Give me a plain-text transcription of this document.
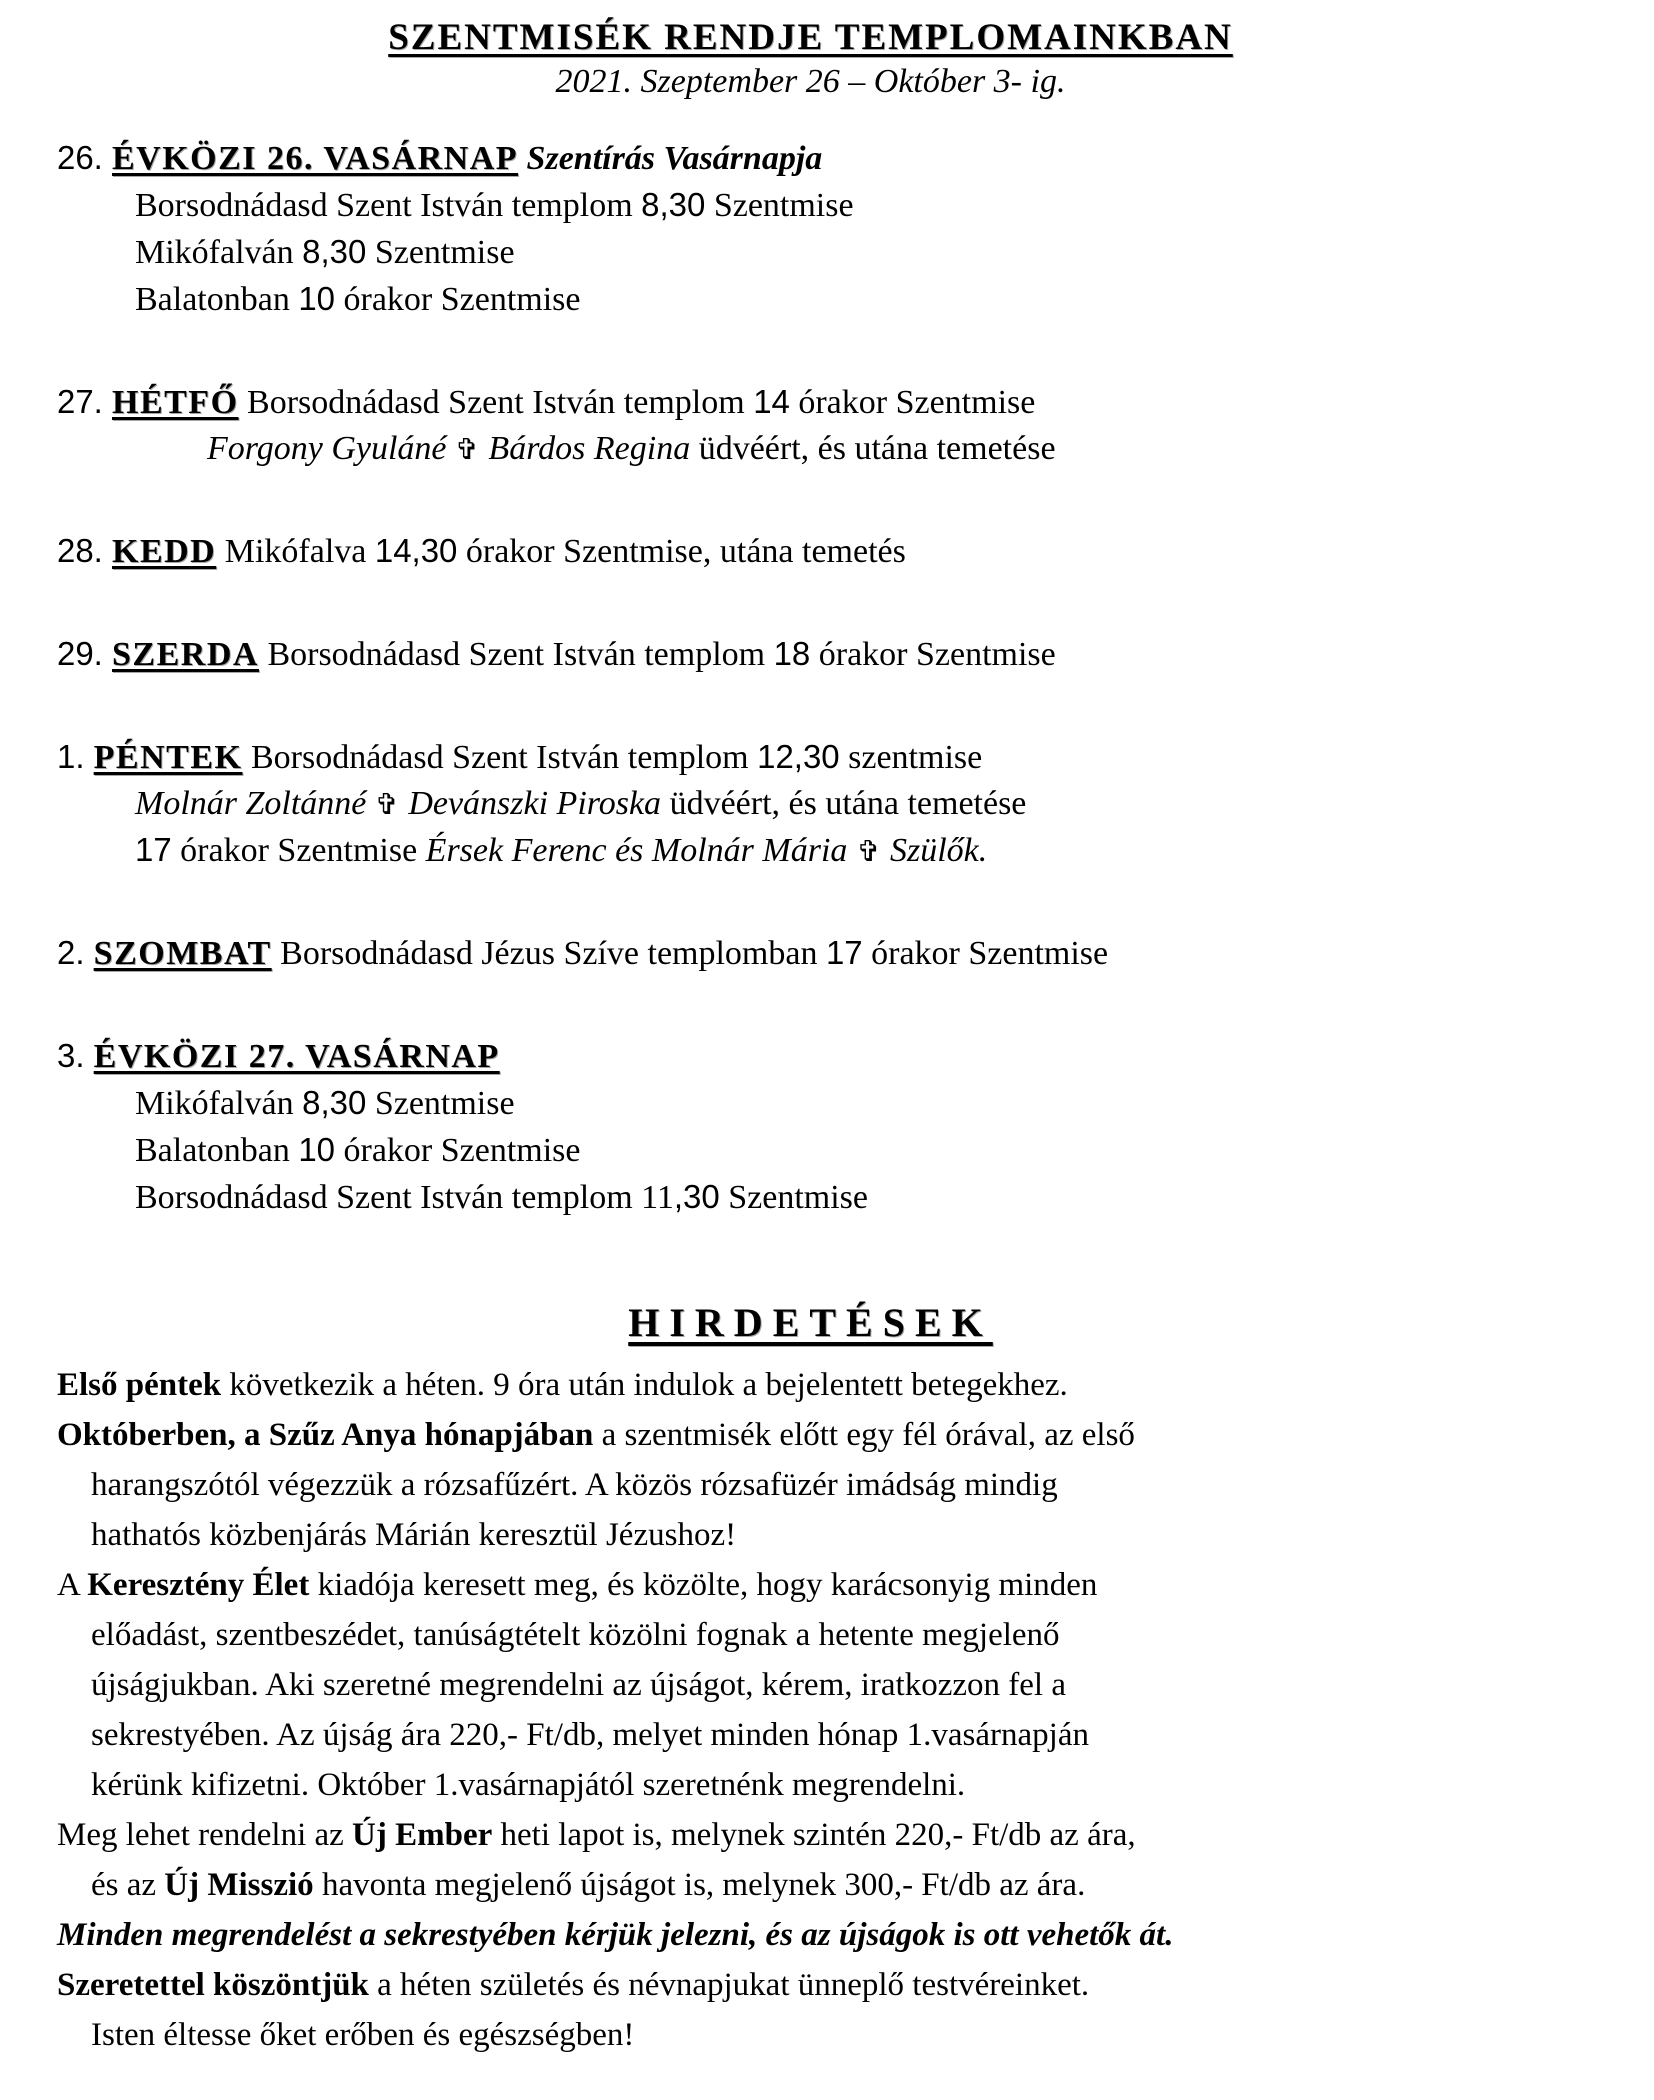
SZENTMISÉK RENDJE TEMPLOMAINKBAN
2021. Szeptember 26 – Október 3- ig.
26. ÉVKÖZI 26. VASÁRNAP Szentírás Vasárnapja
Borsodnádasd Szent István templom 8,30 Szentmise
Mikófalván 8,30 Szentmise
Balatonban 10 órakor Szentmise
27. HÉTFŐ Borsodnádasd Szent István templom 14 órakor Szentmise
Forgony Gyuláné ✞ Bárdos Regina üdvéért, és utána temetése
28. KEDD Mikófalva 14,30 órakor Szentmise, utána temetés
29. SZERDA Borsodnádasd Szent István templom 18 órakor Szentmise
1. PÉNTEK Borsodnádasd Szent István templom 12,30 szentmise
Molnár Zoltánné ✞ Devánszki Piroska üdvéért, és utána temetése
17 órakor Szentmise Érsek Ferenc és Molnár Mária ✞ Szülők.
2. SZOMBAT Borsodnádasd Jézus Szíve templomban 17 órakor Szentmise
3. ÉVKÖZI 27. VASÁRNAP
Mikófalván 8,30 Szentmise
Balatonban 10 órakor Szentmise
Borsodnádasd Szent István templom 11,30 Szentmise
HIRDETÉSEK
Első péntek következik a héten. 9 óra után indulok a bejelentett betegekhez.
Októberben, a Szűz Anya hónapjában a szentmisék előtt egy fél órával, az első
harangszótól végezzük a rózsafűzért. A közös rózsafüzér imádság mindig
hathatós közbenjárás Márián keresztül Jézushoz!
A Keresztény Élet kiadója keresett meg, és közölte, hogy karácsonyig minden
előadást, szentbeszédet, tanúságtételt közölni fognak a hetente megjelenő
újságjukban. Aki szeretné megrendelni az újságot, kérem, iratkozzon fel a
sekrestyében. Az újság ára 220,- Ft/db, melyet minden hónap 1.vasárnapján
kérünk kifizetni. Október 1.vasárnapjától szeretnénk megrendelni.
Meg lehet rendelni az Új Ember heti lapot is, melynek szintén 220,- Ft/db az ára,
és az Új Misszió havonta megjelenő újságot is, melynek 300,- Ft/db az ára.
Minden megrendelést a sekrestyében kérjük jelezni, és az újságok is ott vehetők át.
Szeretettel köszöntjük a héten születés és névnapjukat ünneplő testvéreinket.
Isten éltesse őket erőben és egészségben!
